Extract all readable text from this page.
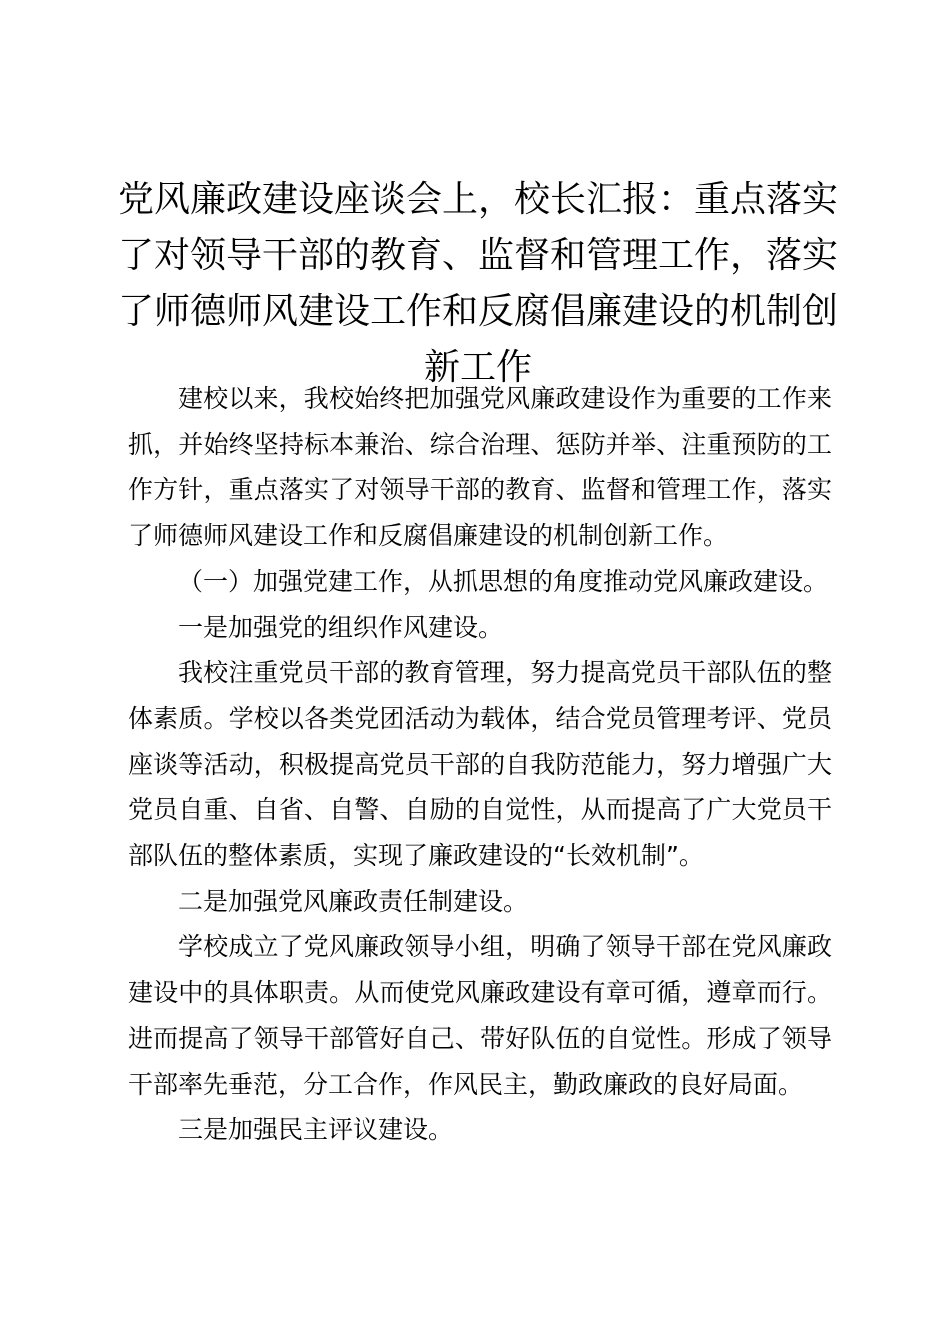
党风廉政建设座谈会上，校长汇报：重点落实了对领导干部的教育、监督和管理工作，落实了师德师风建设工作和反腐倡廉建设的机制创新工作

建校以来，我校始终把加强党风廉政建设作为重要的工作来抓，并始终坚持标本兼治、综合治理、惩防并举、注重预防的工作方针，重点落实了对领导干部的教育、监督和管理工作，落实了师德师风建设工作和反腐倡廉建设的机制创新工作。

（一）加强党建工作，从抓思想的角度推动党风廉政建设。

一是加强党的组织作风建设。

我校注重党员干部的教育管理，努力提高党员干部队伍的整体素质。学校以各类党团活动为载体，结合党员管理考评、党员座谈等活动，积极提高党员干部的自我防范能力，努力增强广大党员自重、自省、自警、自励的自觉性，从而提高了广大党员干部队伍的整体素质，实现了廉政建设的“长效机制”。

二是加强党风廉政责任制建设。

学校成立了党风廉政领导小组，明确了领导干部在党风廉政建设中的具体职责。从而使党风廉政建设有章可循，遵章而行。进而提高了领导干部管好自己、带好队伍的自觉性。形成了领导干部率先垂范，分工合作，作风民主，勤政廉政的良好局面。

三是加强民主评议建设。
